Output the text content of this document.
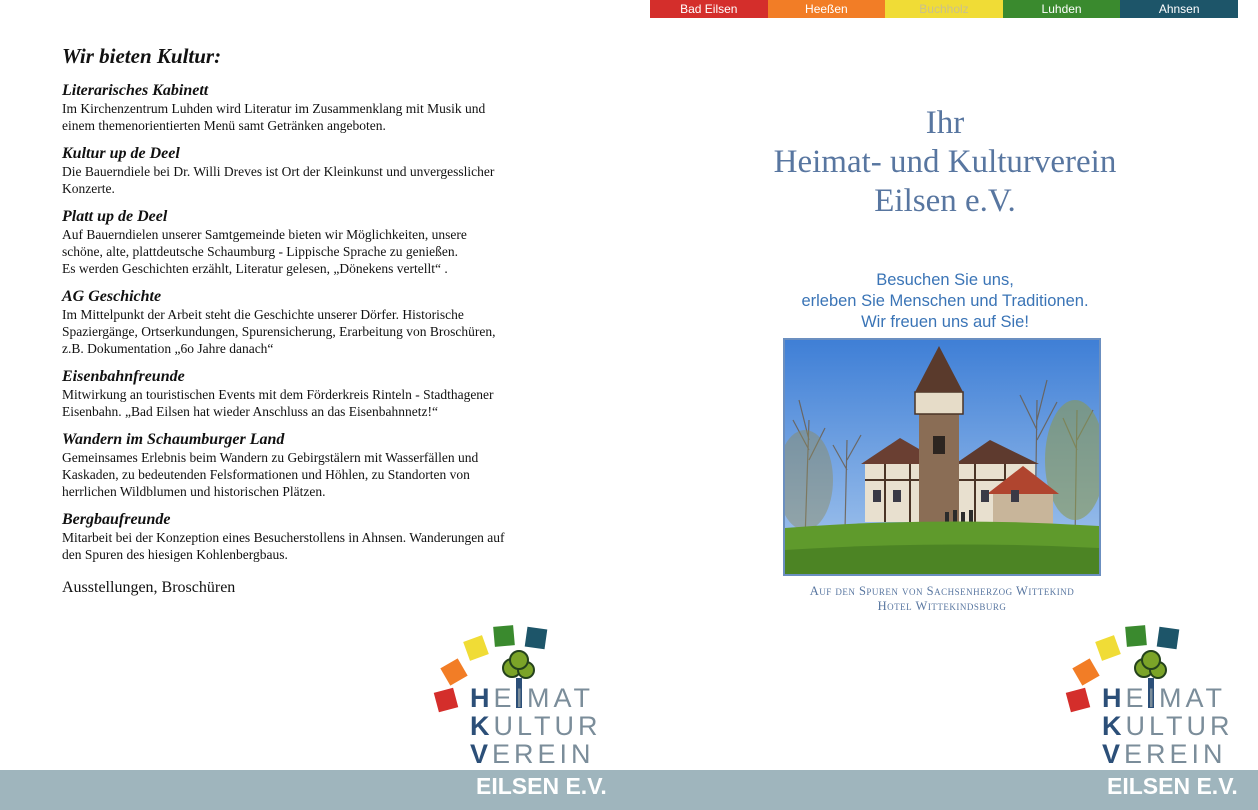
Bad Eilsen	Heeßen	Buchholz	Luhden	Ahnsen
Wir bieten Kultur:
Literarisches Kabinett

Im Kirchenzentrum Luhden wird Literatur im Zusammenklang mit Musik und
einem themenorientierten Menü samt Getränken angeboten.

Kultur up de Deel

Die Bauerndiele bei Dr. Willi Dreves ist Ort der Kleinkunst und unvergesslicher
Konzerte.

Platt up de Deel

Auf Bauerndielen unserer Samtgemeinde bieten wir Möglichkeiten, unsere
schöne, alte, plattdeutsche Schaumburg - Lippische Sprache zu genießen.
Es werden Geschichten erzählt, Literatur gelesen, „Dönekens vertellt“ .

AG Geschichte

Im Mittelpunkt der Arbeit steht die Geschichte unserer Dörfer. Historische
Spaziergänge, Ortserkundungen, Spurensicherung, Erarbeitung von Broschüren,
z.B. Dokumentation „6o Jahre danach“

Eisenbahnfreunde

Mitwirkung an touristischen Events mit dem Förderkreis Rinteln - Stadthagener
Eisenbahn. „Bad Eilsen hat wieder Anschluss an das Eisenbahnnetz!“

Wandern im Schaumburger Land

Gemeinsames Erlebnis beim Wandern zu Gebirgstälern mit Wasserfällen und
Kaskaden, zu bedeutenden Felsformationen und Höhlen, zu Standorten von
herrlichen Wildblumen und historischen Plätzen.

Bergbaufreunde

Mitarbeit bei der Konzeption eines Besucherstollens in Ahnsen. Wanderungen auf
den Spuren des hiesigen Kohlenbergbaus.

Ausstellungen, Broschüren
Ihr
Heimat- und Kulturverein
Eilsen e.V.
Besuchen Sie uns,
erleben Sie Menschen und Traditionen.
Wir freuen uns auf Sie!
Auf den Spuren von Sachsenherzog Wittekind
Hotel Wittekindsburg
HEIMAT
KULTUR
VEREIN
HEIMAT
KULTUR
VEREIN
EILSEN E.V.	EILSEN E.V.
